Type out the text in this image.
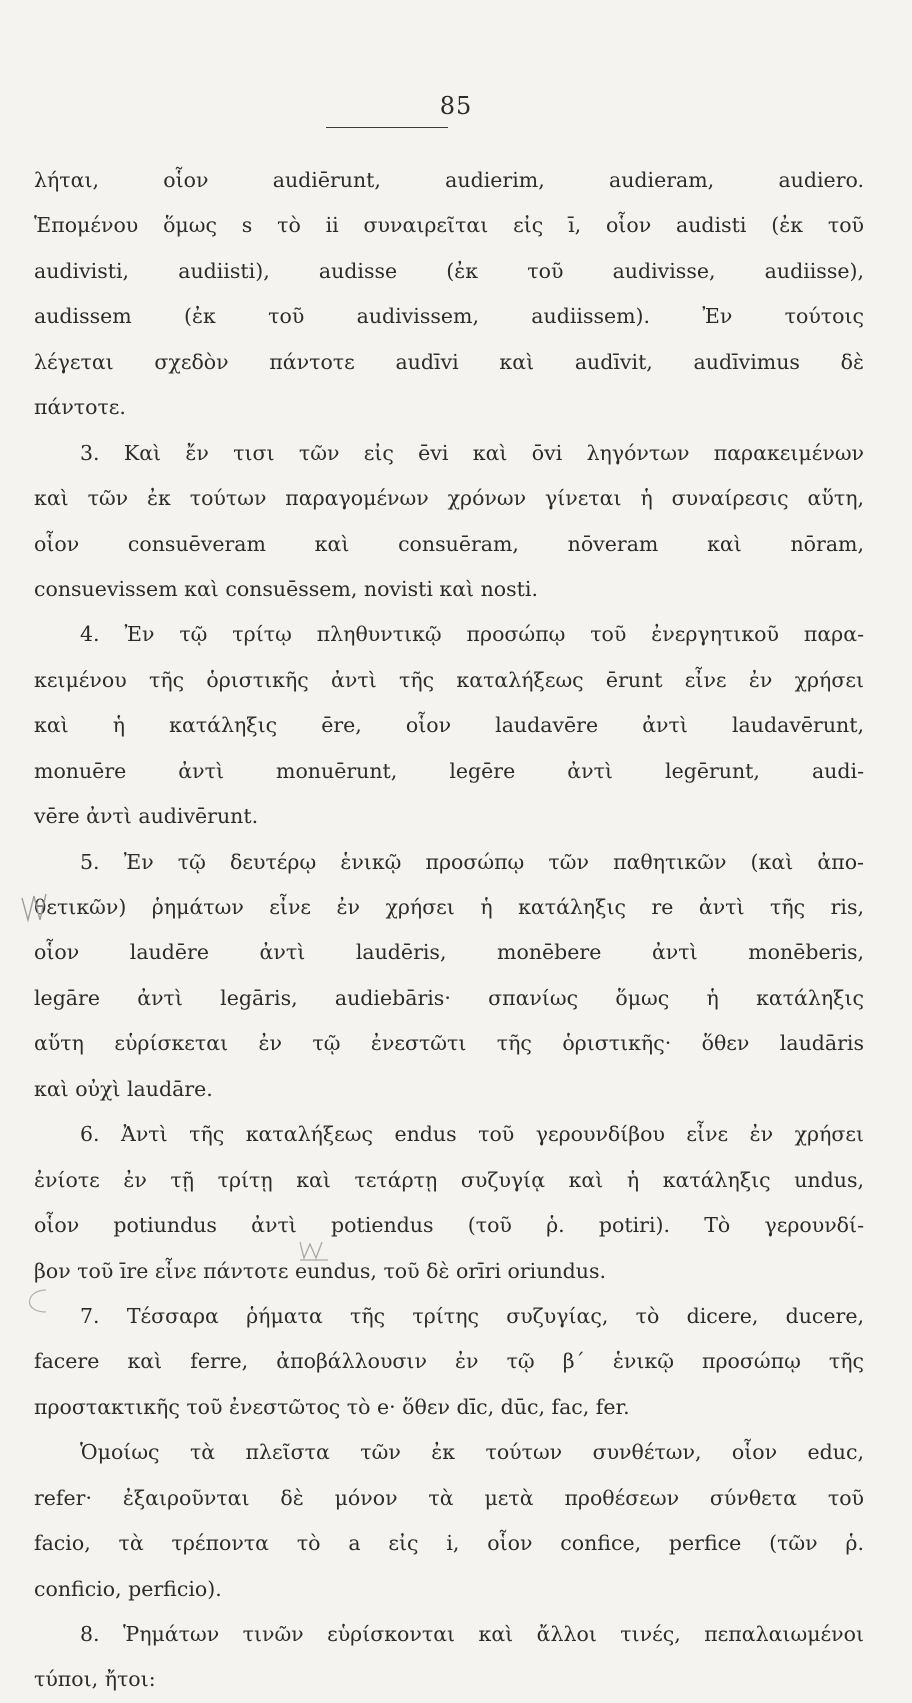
85
λήται, οἷον audiērunt, audierim, audieram, audiero.
Ἑπομένου ὅμως s τὸ ii συναιρεῖται εἰς ī, οἷον audisti (ἐκ τοῦ
audivisti, audiisti), audisse (ἐκ τοῦ audivisse, audiisse),
audissem (ἐκ τοῦ audivissem, audiissem). Ἐν τούτοις
λέγεται σχεδὸν πάντοτε audīvi καὶ audīvit, audīvimus δὲ
πάντοτε.
3. Καὶ ἔν τισι τῶν εἰς ēvi καὶ ōvi ληγόντων παρακειμένων
καὶ τῶν ἐκ τούτων παραγομένων χρόνων γίνεται ἡ συναίρεσις αὕτη,
οἷον consuēveram καὶ consuēram, nōveram καὶ nōram,
consuevissem καὶ consuēssem, novisti καὶ nosti.
4. Ἐν τῷ τρίτῳ πληθυντικῷ προσώπῳ τοῦ ἐνεργητικοῦ παρα-
κειμένου τῆς ὁριστικῆς ἀντὶ τῆς καταλήξεως ērunt εἶνε ἐν χρήσει
καὶ ἡ κατάληξις ēre, οἷον laudavēre ἀντὶ laudavērunt,
monuēre ἀντὶ monuērunt, legēre ἀντὶ legērunt, audi-
vēre ἀντὶ audivērunt.
5. Ἐν τῷ δευτέρῳ ἑνικῷ προσώπῳ τῶν παθητικῶν (καὶ ἀπο-
θετικῶν) ῥημάτων εἶνε ἐν χρήσει ἡ κατάληξις re ἀντὶ τῆς ris,
οἷον laudēre ἀντὶ laudēris, monēbere ἀντὶ monēberis,
legāre ἀντὶ legāris, audiebāris· σπανίως ὅμως ἡ κατάληξις
αὕτη εὑρίσκεται ἐν τῷ ἐνεστῶτι τῆς ὁριστικῆς· ὅθεν laudāris
καὶ οὐχὶ laudāre.
6. Ἀντὶ τῆς καταλήξεως endus τοῦ γερουνδίβου εἶνε ἐν χρήσει
ἐνίοτε ἐν τῇ τρίτῃ καὶ τετάρτῃ συζυγίᾳ καὶ ἡ κατάληξις undus,
οἷον potiundus ἀντὶ potiendus (τοῦ ῥ. potiri). Τὸ γερουνδί-
βον τοῦ īre εἶνε πάντοτε eundus, τοῦ δὲ orīri oriundus.
7. Τέσσαρα ῥήματα τῆς τρίτης συζυγίας, τὸ dicere, ducere,
facere καὶ ferre, ἀποβάλλουσιν ἐν τῷ β΄ ἑνικῷ προσώπῳ τῆς
προστακτικῆς τοῦ ἐνεστῶτος τὸ e· ὅθεν dīc, dūc, fac, fer.
Ὁμοίως τὰ πλεῖστα τῶν ἐκ τούτων συνθέτων, οἷον educ,
refer· ἐξαιροῦνται δὲ μόνον τὰ μετὰ προθέσεων σύνθετα τοῦ
facio, τὰ τρέποντα τὸ a εἰς i, οἷον confice, perfice (τῶν ῥ.
conficio, perficio).
8. Ῥημάτων τινῶν εὑρίσκονται καὶ ἄλλοι τινές, πεπαλαιωμένοι
τύποι, ἤτοι:
